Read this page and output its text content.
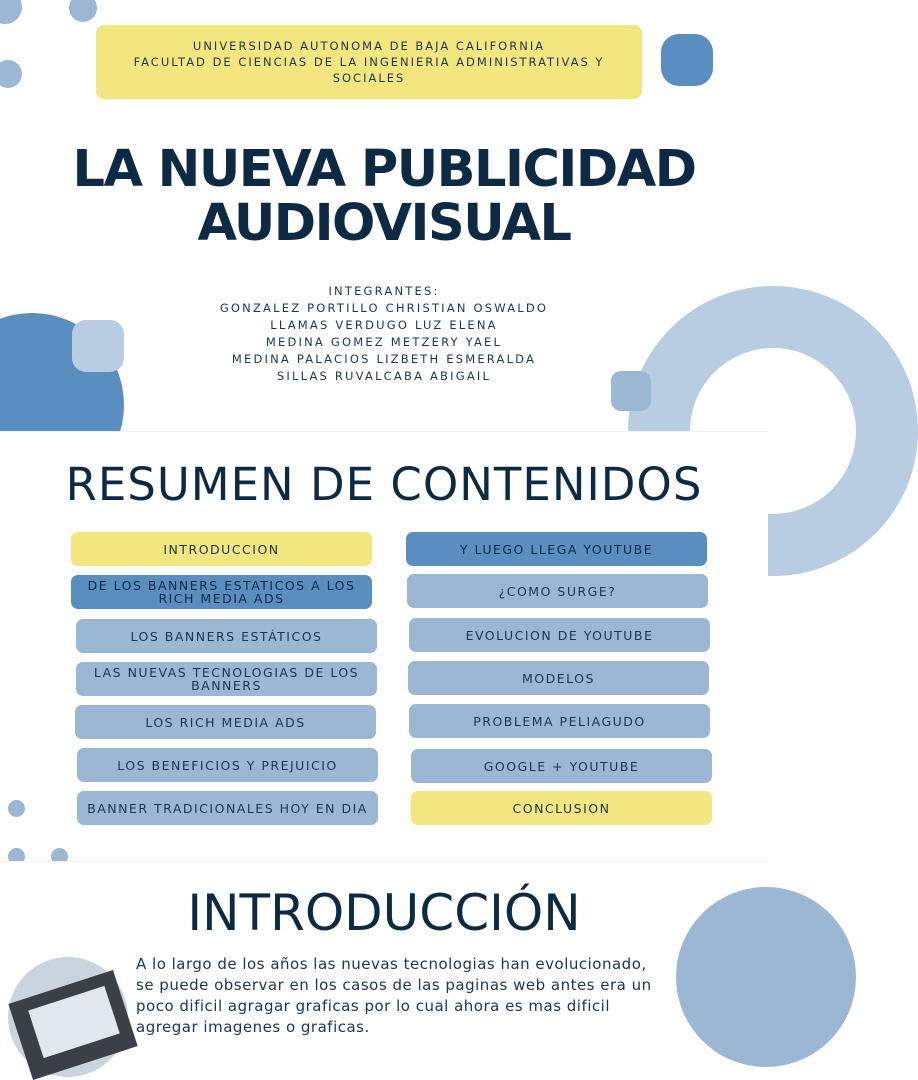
UNIVERSIDAD AUTONOMA DE BAJA CALIFORNIA
FACULTAD DE CIENCIAS DE LA INGENIERIA ADMINISTRATIVAS Y
SOCIALES
LA NUEVA PUBLICIDAD
AUDIOVISUAL
INTEGRANTES:
GONZALEZ PORTILLO CHRISTIAN OSWALDO
LLAMAS VERDUGO LUZ ELENA
MEDINA GOMEZ METZERY YAEL
MEDINA PALACIOS LIZBETH ESMERALDA
SILLAS RUVALCABA ABIGAIL
RESUMEN DE CONTENIDOS
INTRODUCCION
DE LOS BANNERS ESTATICOS A LOS RICH MEDIA ADS
LOS BANNERS ESTÁTICOS
LAS NUEVAS TECNOLOGIAS DE LOS BANNERS
LOS RICH MEDIA ADS
LOS BENEFICIOS Y PREJUICIO
BANNER TRADICIONALES HOY EN DIA
Y LUEGO LLEGA YOUTUBE
¿COMO SURGE?
EVOLUCION DE YOUTUBE
MODELOS
PROBLEMA PELIAGUDO
GOOGLE + YOUTUBE
CONCLUSION
INTRODUCCIÓN
A lo largo de los años las nuevas tecnologias han evolucionado, se puede observar en los casos de las paginas web antes era un poco dificil agragar graficas por lo cual ahora es mas dificil agregar imagenes o graficas.
